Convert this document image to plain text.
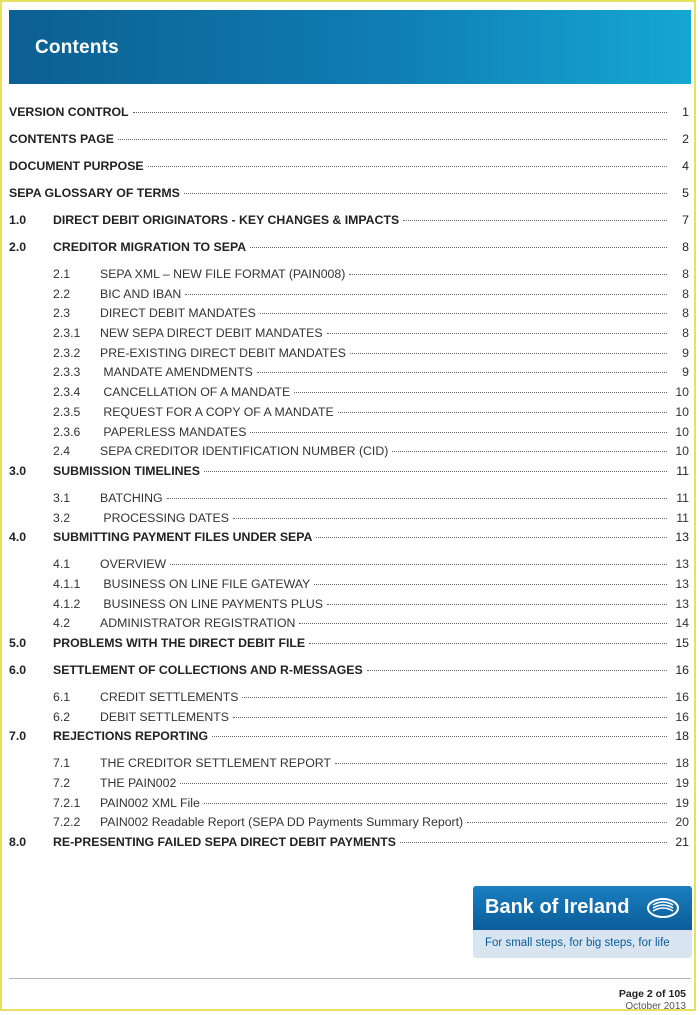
Contents
VERSION CONTROL	1
CONTENTS PAGE	2
DOCUMENT PURPOSE	4
SEPA GLOSSARY OF TERMS	5
1.0	DIRECT DEBIT ORIGINATORS - KEY CHANGES & IMPACTS	7
2.0	CREDITOR MIGRATION TO SEPA	8
2.1	SEPA XML – NEW FILE FORMAT (PAIN008)	8
2.2	BIC AND IBAN	8
2.3	DIRECT DEBIT MANDATES	8
2.3.1	NEW SEPA DIRECT DEBIT MANDATES	8
2.3.2	PRE-EXISTING DIRECT DEBIT MANDATES	9
2.3.3	MANDATE AMENDMENTS	9
2.3.4	CANCELLATION OF A MANDATE	10
2.3.5	REQUEST FOR A COPY OF A MANDATE	10
2.3.6	PAPERLESS MANDATES	10
2.4	SEPA CREDITOR IDENTIFICATION NUMBER (CID)	10
3.0	SUBMISSION TIMELINES	11
3.1	BATCHING	11
3.2	PROCESSING DATES	11
4.0	SUBMITTING PAYMENT FILES UNDER SEPA	13
4.1	OVERVIEW	13
4.1.1	BUSINESS ON LINE FILE GATEWAY	13
4.1.2	BUSINESS ON LINE PAYMENTS PLUS	13
4.2	ADMINISTRATOR REGISTRATION	14
5.0	PROBLEMS WITH THE DIRECT DEBIT FILE	15
6.0	SETTLEMENT OF COLLECTIONS AND R-MESSAGES	16
6.1	CREDIT SETTLEMENTS	16
6.2	DEBIT SETTLEMENTS	16
7.0	REJECTIONS REPORTING	18
7.1	THE CREDITOR SETTLEMENT REPORT	18
7.2	THE PAIN002	19
7.2.1	PAIN002 XML File	19
7.2.2	PAIN002 Readable Report (SEPA DD Payments Summary Report)	20
8.0	RE-PRESENTING FAILED SEPA DIRECT DEBIT PAYMENTS	21
Bank of Ireland
For small steps, for big steps, for life
Page 2 of 105
October 2013
